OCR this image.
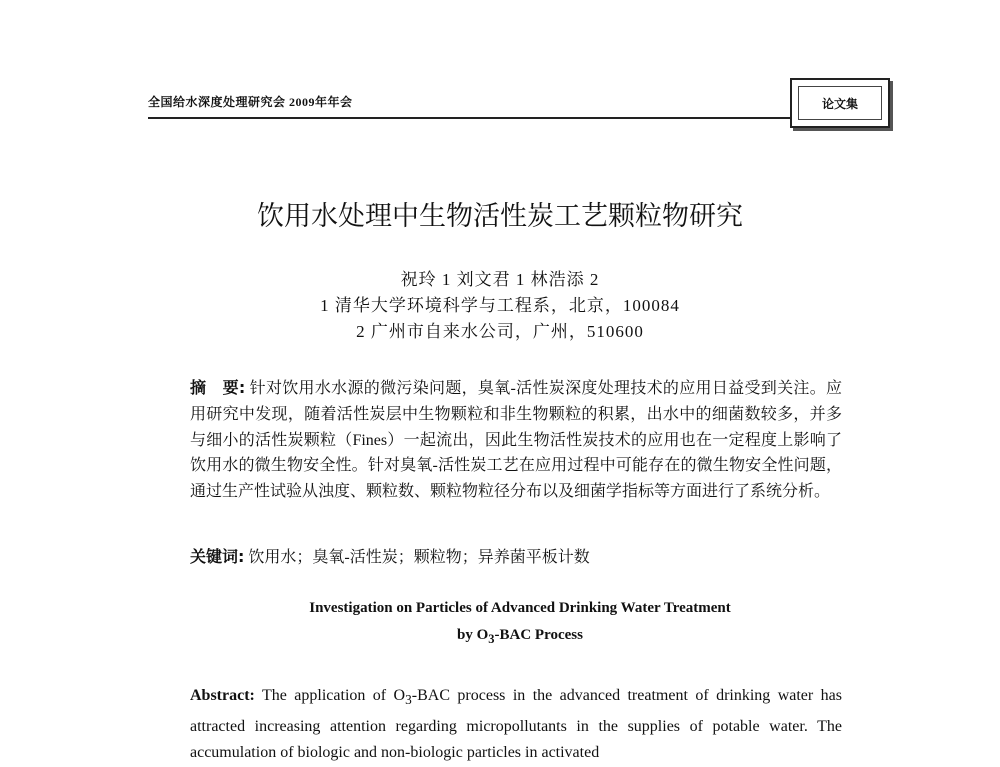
全国给水深度处理研究会 2009年年会	论文集
饮用水处理中生物活性炭工艺颗粒物研究
祝玲 1 刘文君 1 林浩添 2
1 清华大学环境科学与工程系，北京，100084
2 广州市自来水公司，广州，510600
摘　要: 针对饮用水水源的微污染问题，臭氧-活性炭深度处理技术的应用日益受到关注。应用研究中发现，随着活性炭层中生物颗粒和非生物颗粒的积累，出水中的细菌数较多，并多与细小的活性炭颗粒（Fines）一起流出，因此生物活性炭技术的应用也在一定程度上影响了饮用水的微生物安全性。针对臭氧-活性炭工艺在应用过程中可能存在的微生物安全性问题，通过生产性试验从浊度、颗粒数、颗粒物粒径分布以及细菌学指标等方面进行了系统分析。
关键词: 饮用水；臭氧-活性炭；颗粒物；异养菌平板计数
Investigation on Particles of Advanced Drinking Water Treatment
by $O_3$-BAC Process
Abstract: The application of $O_3$-BAC process in the advanced treatment of drinking water has attracted increasing attention regarding micropollutants in the supplies of potable water. The accumulation of biologic and non-biologic particles in activated
